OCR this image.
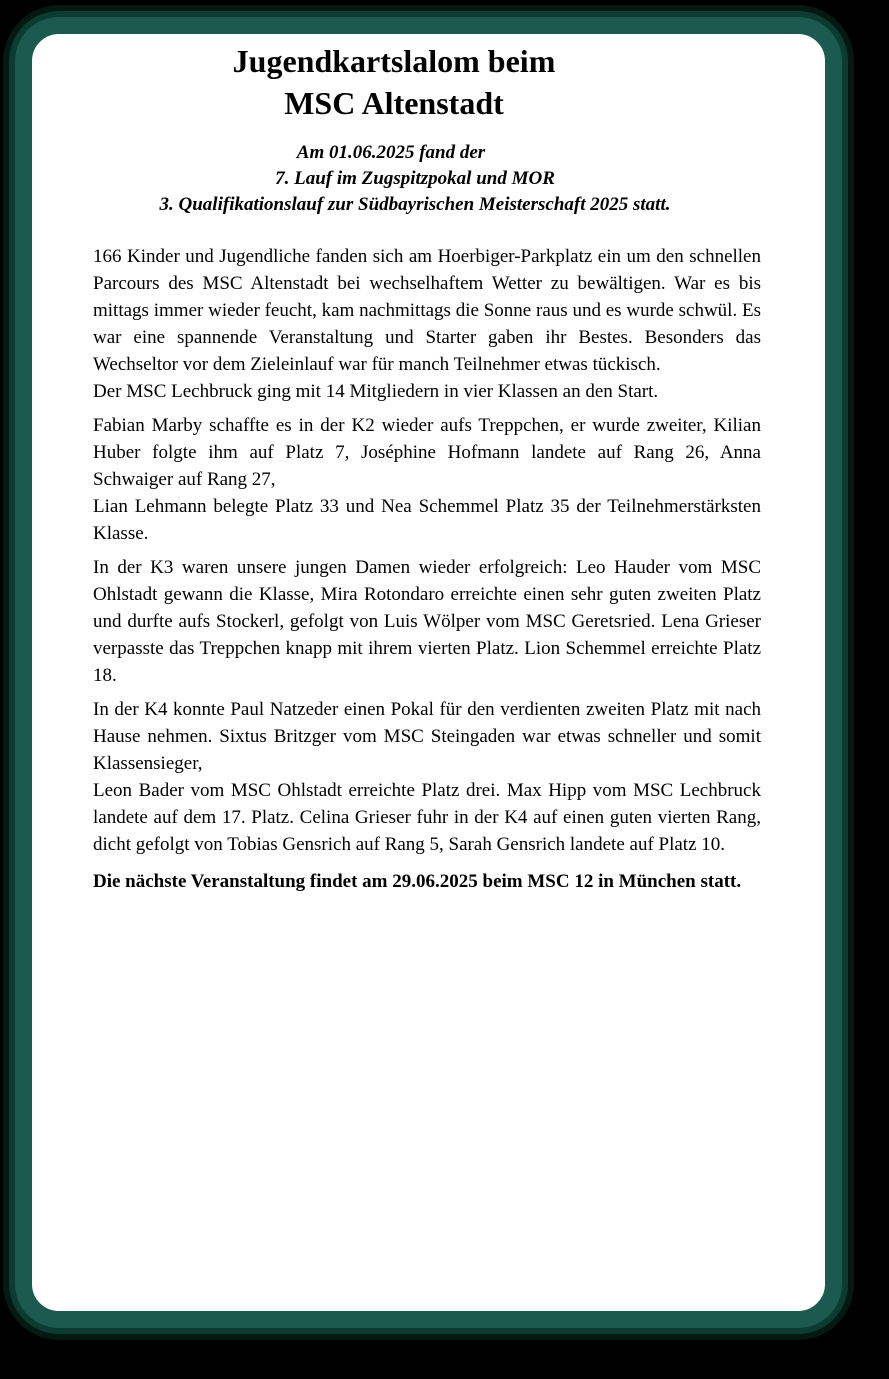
Jugendkartslalom beim
MSC Altenstadt
Am 01.06.2025 fand der
7. Lauf im Zugspitzpokal und MOR
3. Qualifikationslauf zur Südbayrischen Meisterschaft 2025 statt.

166 Kinder und Jugendliche fanden sich am Hoerbiger-Parkplatz ein um den schnellen Parcours des MSC Altenstadt bei wechselhaftem Wetter zu bewältigen. War es bis mittags immer wieder feucht, kam nachmittags die Sonne raus und es wurde schwül. Es war eine spannende Veranstaltung und Starter gaben ihr Bestes. Besonders das Wechseltor vor dem Zieleinlauf war für manch Teilnehmer etwas tückisch.
Der MSC Lechbruck ging mit 14 Mitgliedern in vier Klassen an den Start.

Fabian Marby schaffte es in der K2 wieder aufs Treppchen, er wurde zweiter, Kilian Huber folgte ihm auf Platz 7, Joséphine Hofmann landete auf Rang 26, Anna Schwaiger auf Rang 27,
Lian Lehmann belegte Platz 33 und Nea Schemmel Platz 35 der Teilnehmerstärksten Klasse.

In der K3 waren unsere jungen Damen wieder erfolgreich: Leo Hauder vom MSC Ohlstadt gewann die Klasse, Mira Rotondaro erreichte einen sehr guten zweiten Platz und durfte aufs Stockerl, gefolgt von Luis Wölper vom MSC Geretsried. Lena Grieser verpasste das Treppchen knapp mit ihrem vierten Platz. Lion Schemmel erreichte Platz 18.

In der K4 konnte Paul Natzeder einen Pokal für den verdienten zweiten Platz mit nach Hause nehmen. Sixtus Britzger vom MSC Steingaden war etwas schneller und somit Klassensieger,
Leon Bader vom MSC Ohlstadt erreichte Platz drei. Max Hipp vom MSC Lechbruck landete auf dem 17. Platz. Celina Grieser fuhr in der K4 auf einen guten vierten Rang, dicht gefolgt von Tobias Gensrich auf Rang 5, Sarah Gensrich landete auf Platz 10.

Die nächste Veranstaltung findet am 29.06.2025 beim MSC 12 in München statt.
